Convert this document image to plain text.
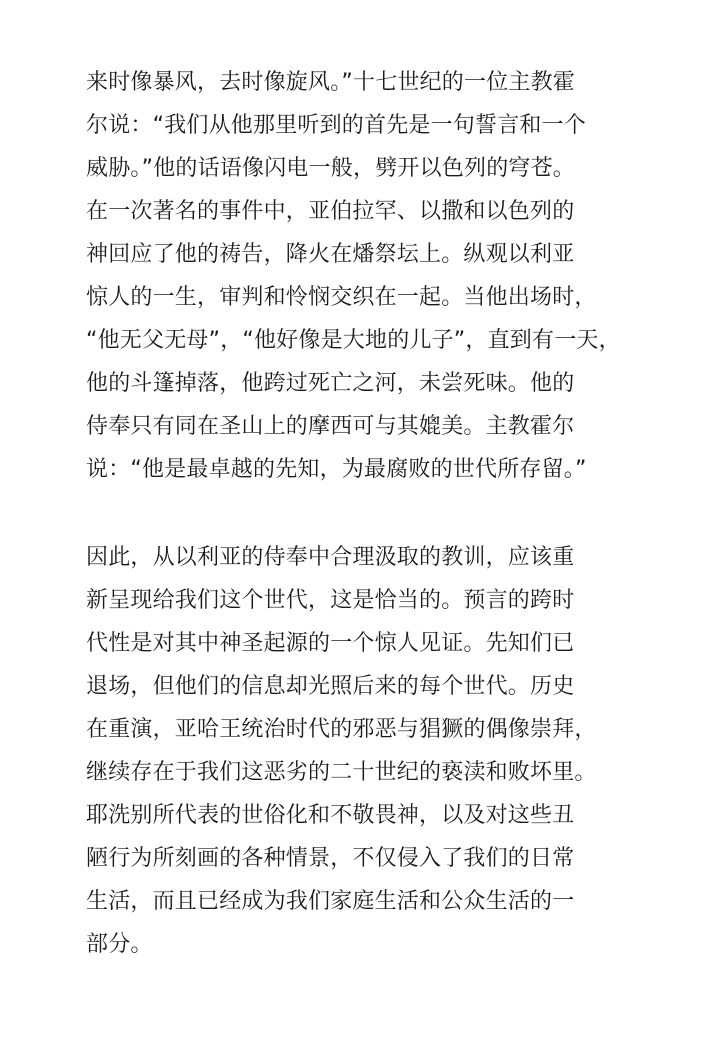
来时像暴风，去时像旋风。”十七世纪的一位主教霍
尔说：“我们从他那里听到的首先是一句誓言和一个
威胁。”他的话语像闪电一般，劈开以色列的穹苍。
在一次著名的事件中，亚伯拉罕、以撒和以色列的
神回应了他的祷告，降火在燔祭坛上。纵观以利亚
惊人的一生，审判和怜悯交织在一起。当他出场时，
“他无父无母”，“他好像是大地的儿子”，直到有一天，
他的斗篷掉落，他跨过死亡之河，未尝死味。他的
侍奉只有同在圣山上的摩西可与其媲美。主教霍尔
说：“他是最卓越的先知，为最腐败的世代所存留。”
因此，从以利亚的侍奉中合理汲取的教训，应该重
新呈现给我们这个世代，这是恰当的。预言的跨时
代性是对其中神圣起源的一个惊人见证。先知们已
退场，但他们的信息却光照后来的每个世代。历史
在重演，亚哈王统治时代的邪恶与猖獗的偶像崇拜，
继续存在于我们这恶劣的二十世纪的亵渎和败坏里。
耶洗别所代表的世俗化和不敬畏神，以及对这些丑
陋行为所刻画的各种情景，不仅侵入了我们的日常
生活，而且已经成为我们家庭生活和公众生活的一
部分。
